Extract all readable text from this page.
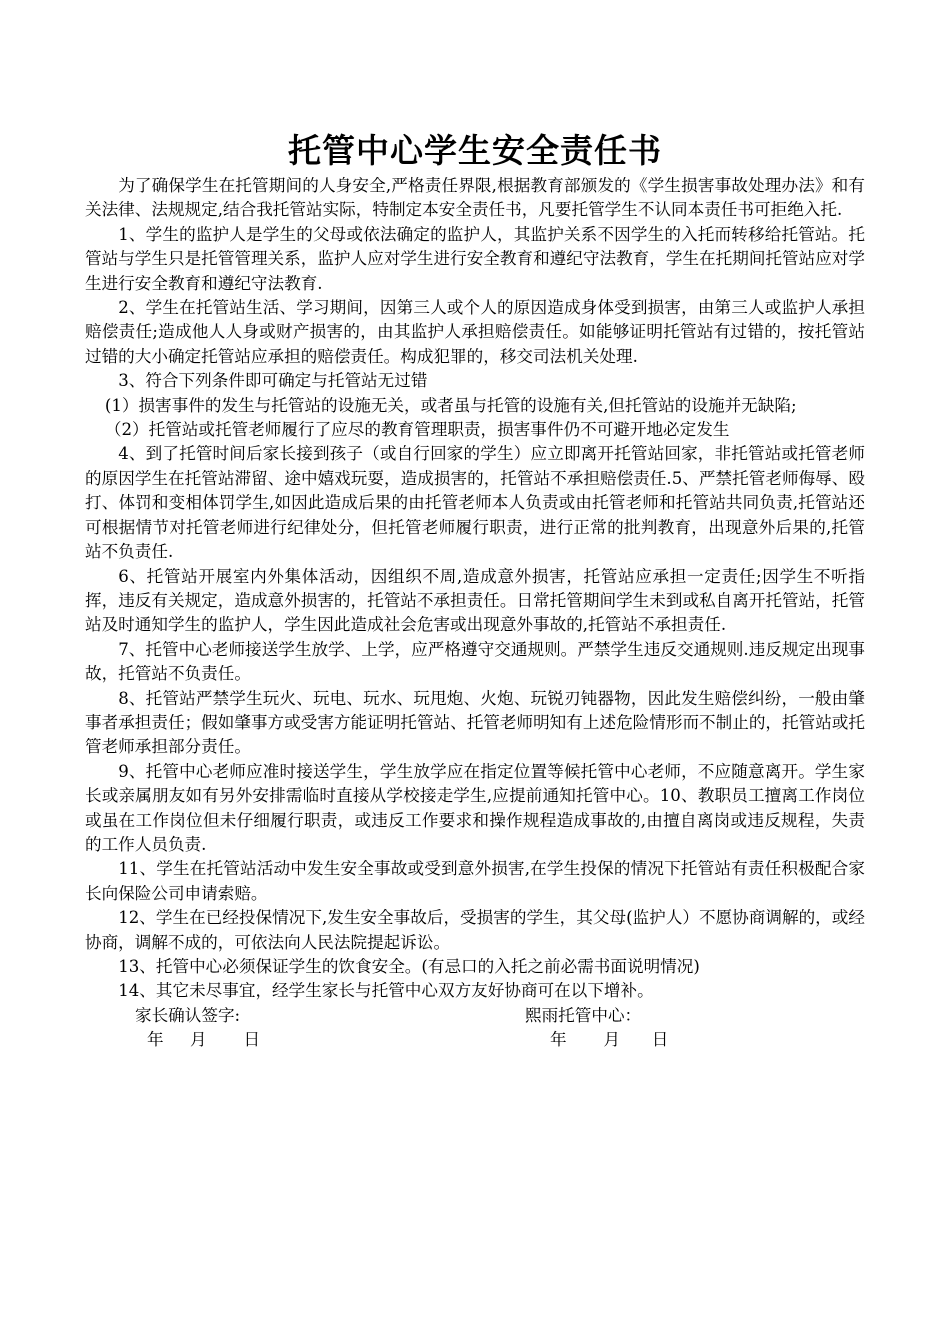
托管中心学生安全责任书

为了确保学生在托管期间的人身安全,严格责任界限,根据教育部颁发的《学生损害事故处理办法》和有关法律、法规规定,结合我托管站实际，特制定本安全责任书，凡要托管学生不认同本责任书可拒绝入托.

1、学生的监护人是学生的父母或依法确定的监护人，其监护关系不因学生的入托而转移给托管站。托管站与学生只是托管管理关系，监护人应对学生进行安全教育和遵纪守法教育，学生在托期间托管站应对学生进行安全教育和遵纪守法教育.

2、学生在托管站生活、学习期间，因第三人或个人的原因造成身体受到损害，由第三人或监护人承担赔偿责任;造成他人人身或财产损害的，由其监护人承担赔偿责任。如能够证明托管站有过错的，按托管站过错的大小确定托管站应承担的赔偿责任。构成犯罪的，移交司法机关处理.

3、符合下列条件即可确定与托管站无过错

(1）损害事件的发生与托管站的设施无关，或者虽与托管的设施有关,但托管站的设施并无缺陷;

（2）托管站或托管老师履行了应尽的教育管理职责，损害事件仍不可避开地必定发生

4、到了托管时间后家长接到孩子（或自行回家的学生）应立即离开托管站回家，非托管站或托管老师的原因学生在托管站滞留、途中嬉戏玩耍，造成损害的，托管站不承担赔偿责任.5、严禁托管老师侮辱、殴打、体罚和变相体罚学生,如因此造成后果的由托管老师本人负责或由托管老师和托管站共同负责,托管站还可根据情节对托管老师进行纪律处分，但托管老师履行职责，进行正常的批判教育，出现意外后果的,托管站不负责任.

6、托管站开展室内外集体活动，因组织不周,造成意外损害，托管站应承担一定责任;因学生不听指挥，违反有关规定，造成意外损害的，托管站不承担责任。日常托管期间学生未到或私自离开托管站，托管站及时通知学生的监护人，学生因此造成社会危害或出现意外事故的,托管站不承担责任.

7、托管中心老师接送学生放学、上学，应严格遵守交通规则。严禁学生违反交通规则.违反规定出现事故，托管站不负责任。

8、托管站严禁学生玩火、玩电、玩水、玩甩炮、火炮、玩锐刃钝器物，因此发生赔偿纠纷，一般由肇事者承担责任；假如肇事方或受害方能证明托管站、托管老师明知有上述危险情形而不制止的，托管站或托管老师承担部分责任。

9、托管中心老师应准时接送学生，学生放学应在指定位置等候托管中心老师，不应随意离开。学生家长或亲属朋友如有另外安排需临时直接从学校接走学生,应提前通知托管中心。10、教职员工擅离工作岗位或虽在工作岗位但未仔细履行职责，或违反工作要求和操作规程造成事故的,由擅自离岗或违反规程，失责的工作人员负责.

11、学生在托管站活动中发生安全事故或受到意外损害,在学生投保的情况下托管站有责任积极配合家长向保险公司申请索赔。

12、学生在已经投保情况下,发生安全事故后，受损害的学生，其父母(监护人）不愿协商调解的，或经协商，调解不成的，可依法向人民法院提起诉讼。

13、托管中心必须保证学生的饮食安全。(有忌口的入托之前必需书面说明情况)

14、其它未尽事宜，经学生家长与托管中心双方友好协商可在以下增补。

家长确认签字:	熙雨托管中心：
年     月       日	年       月      日
